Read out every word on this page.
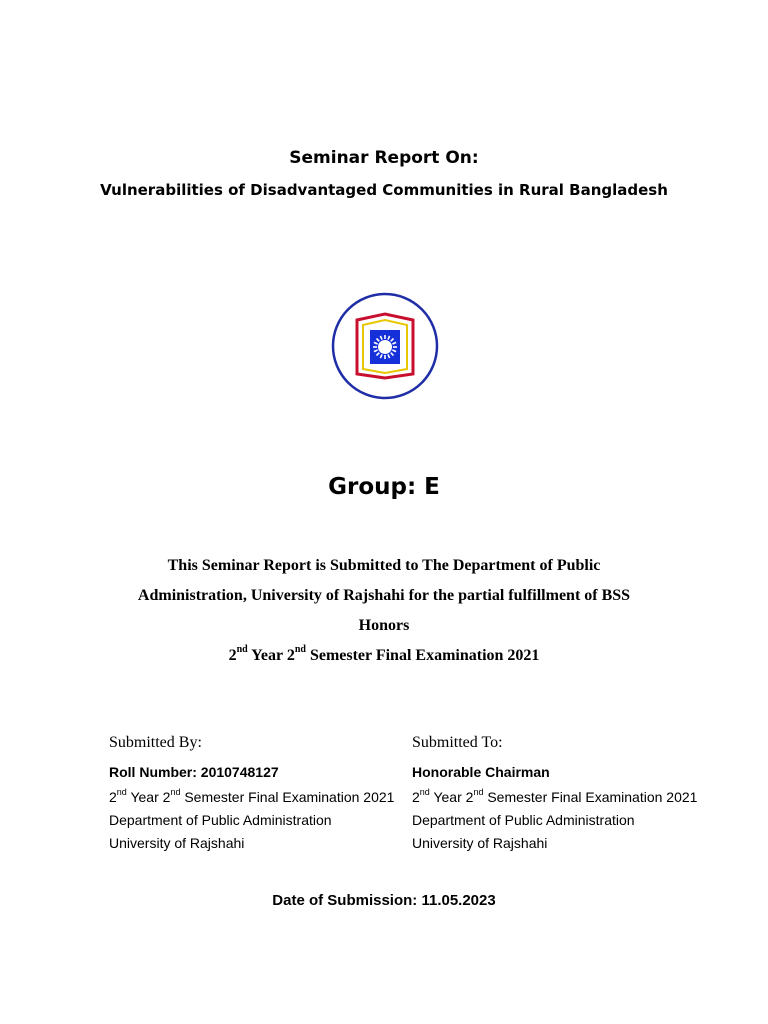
Seminar Report On:
Vulnerabilities of Disadvantaged Communities in Rural Bangladesh
Group: E
This Seminar Report is Submitted to The Department of Public
Administration, University of Rajshahi for the partial fulfillment of BSS
Honors
2nd Year 2nd Semester Final Examination 2021
Submitted By:
Roll Number: 2010748127
2nd Year 2nd Semester Final Examination 2021
Department of Public Administration
University of Rajshahi
Submitted To:
Honorable Chairman
2nd Year 2nd Semester Final Examination 2021
Department of Public Administration
University of Rajshahi
Date of Submission: 11.05.2023
